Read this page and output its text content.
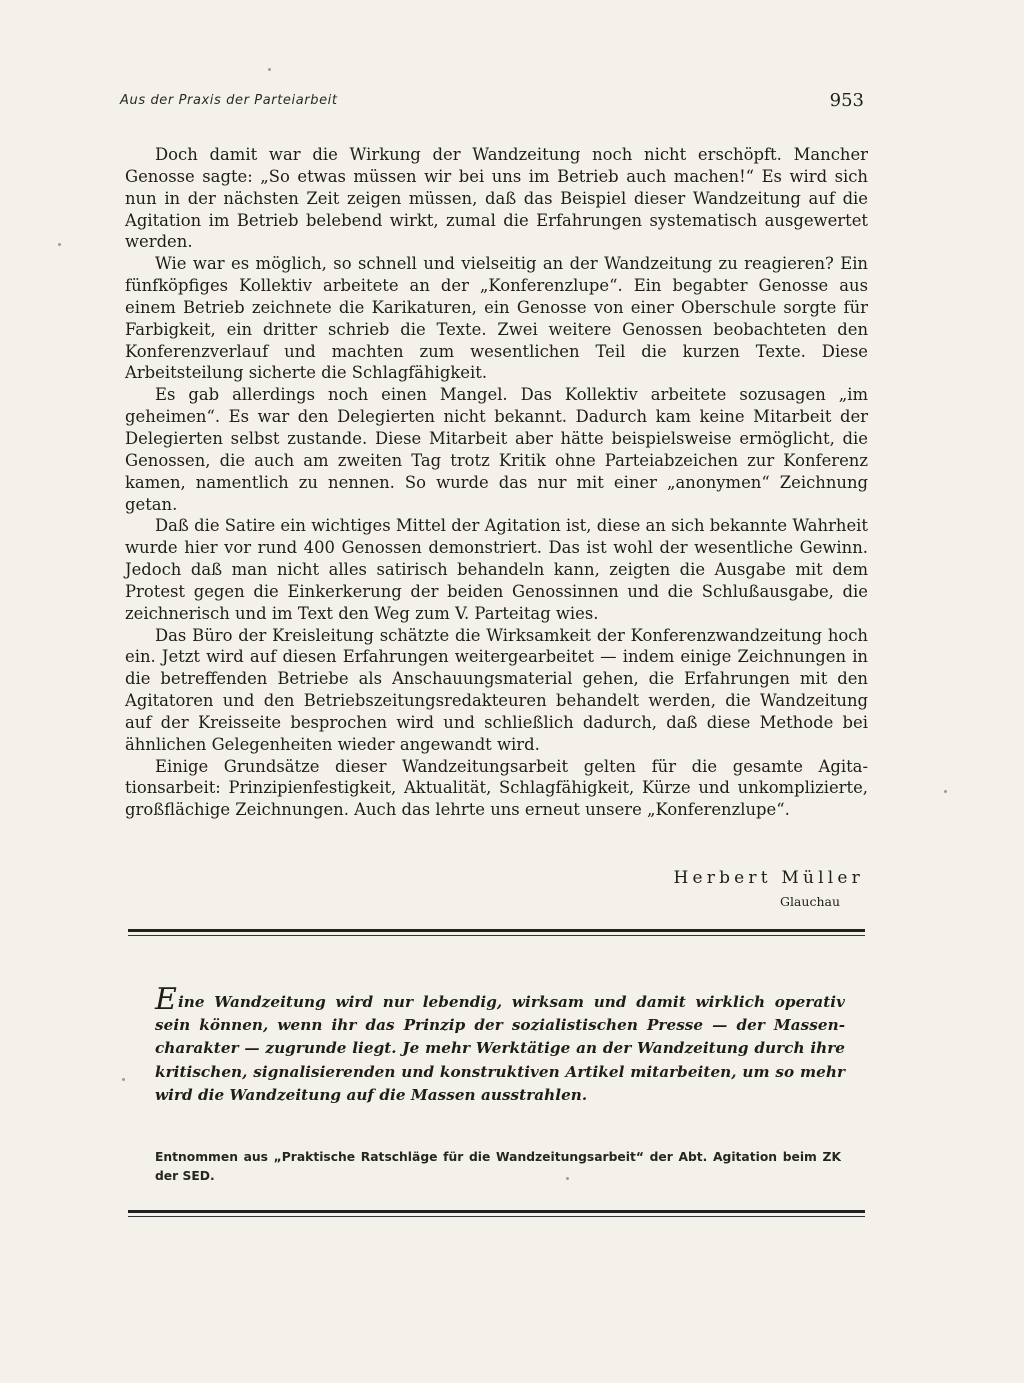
Aus der Praxis der Parteiarbeit	953

Doch damit war die Wirkung der Wandzeitung noch nicht erschöpft. Mancher Genosse sagte: „So etwas müssen wir bei uns im Betrieb auch machen!“ Es wird sich nun in der nächsten Zeit zeigen müssen, daß das Beispiel dieser Wandzeitung auf die Agitation im Betrieb belebend wirkt, zumal die Erfahrungen systematisch ausgewertet werden.

Wie war es möglich, so schnell und vielseitig an der Wandzeitung zu reagieren? Ein fünfköpfiges Kollektiv arbeitete an der „Konferenzlupe“. Ein begabter Genosse aus einem Betrieb zeichnete die Karikaturen, ein Genosse von einer Oberschule sorgte für Farbigkeit, ein dritter schrieb die Texte. Zwei weitere Genossen beobachteten den Konferenzverlauf und machten zum wesentlichen Teil die kurzen Texte. Diese Arbeitsteilung sicherte die Schlagfähigkeit.

Es gab allerdings noch einen Mangel. Das Kollektiv arbeitete sozusagen „im geheimen“. Es war den Delegierten nicht bekannt. Dadurch kam keine Mitarbeit der Delegierten selbst zustande. Diese Mitarbeit aber hätte beispielsweise ermöglicht, die Genossen, die auch am zweiten Tag trotz Kritik ohne Parteiabzeichen zur Konferenz kamen, namentlich zu nennen. So wurde das nur mit einer „anonymen“ Zeichnung getan.

Daß die Satire ein wichtiges Mittel der Agitation ist, diese an sich bekannte Wahrheit wurde hier vor rund 400 Genossen demonstriert. Das ist wohl der wesentliche Gewinn. Jedoch daß man nicht alles satirisch behandeln kann, zeigten die Ausgabe mit dem Protest gegen die Einkerkerung der beiden Genossinnen und die Schlußausgabe, die zeichnerisch und im Text den Weg zum V. Parteitag wies.

Das Büro der Kreisleitung schätzte die Wirksamkeit der Konferenzwandzeitung hoch ein. Jetzt wird auf diesen Erfahrungen weitergearbeitet — indem einige Zeichnungen in die betreffenden Betriebe als Anschauungsmaterial gehen, die Erfahrungen mit den Agitatoren und den Betriebszeitungsredakteuren behandelt werden, die Wandzeitung auf der Kreisseite besprochen wird und schließlich dadurch, daß diese Methode bei ähnlichen Gelegenheiten wieder angewandt wird.

Einige Grundsätze dieser Wandzeitungsarbeit gelten für die gesamte Agitationsarbeit: Prinzipienfestigkeit, Aktualität, Schlagfähigkeit, Kürze und unkomplizierte, großflächige Zeichnungen. Auch das lehrte uns erneut unsere „Konferenzlupe“.

Herbert Müller
Glauchau

Eine Wandzeitung wird nur lebendig, wirksam und damit wirklich operativ sein können, wenn ihr das Prinzip der sozialistischen Presse — der Massencharakter — zugrunde liegt. Je mehr Werktätige an der Wandzeitung durch ihre kritischen, signalisierenden und konstruktiven Artikel mitarbeiten, um so mehr wird die Wandzeitung auf die Massen ausstrahlen.

Entnommen aus „Praktische Ratschläge für die Wandzeitungsarbeit“ der Abt. Agitation beim ZK der SED.
